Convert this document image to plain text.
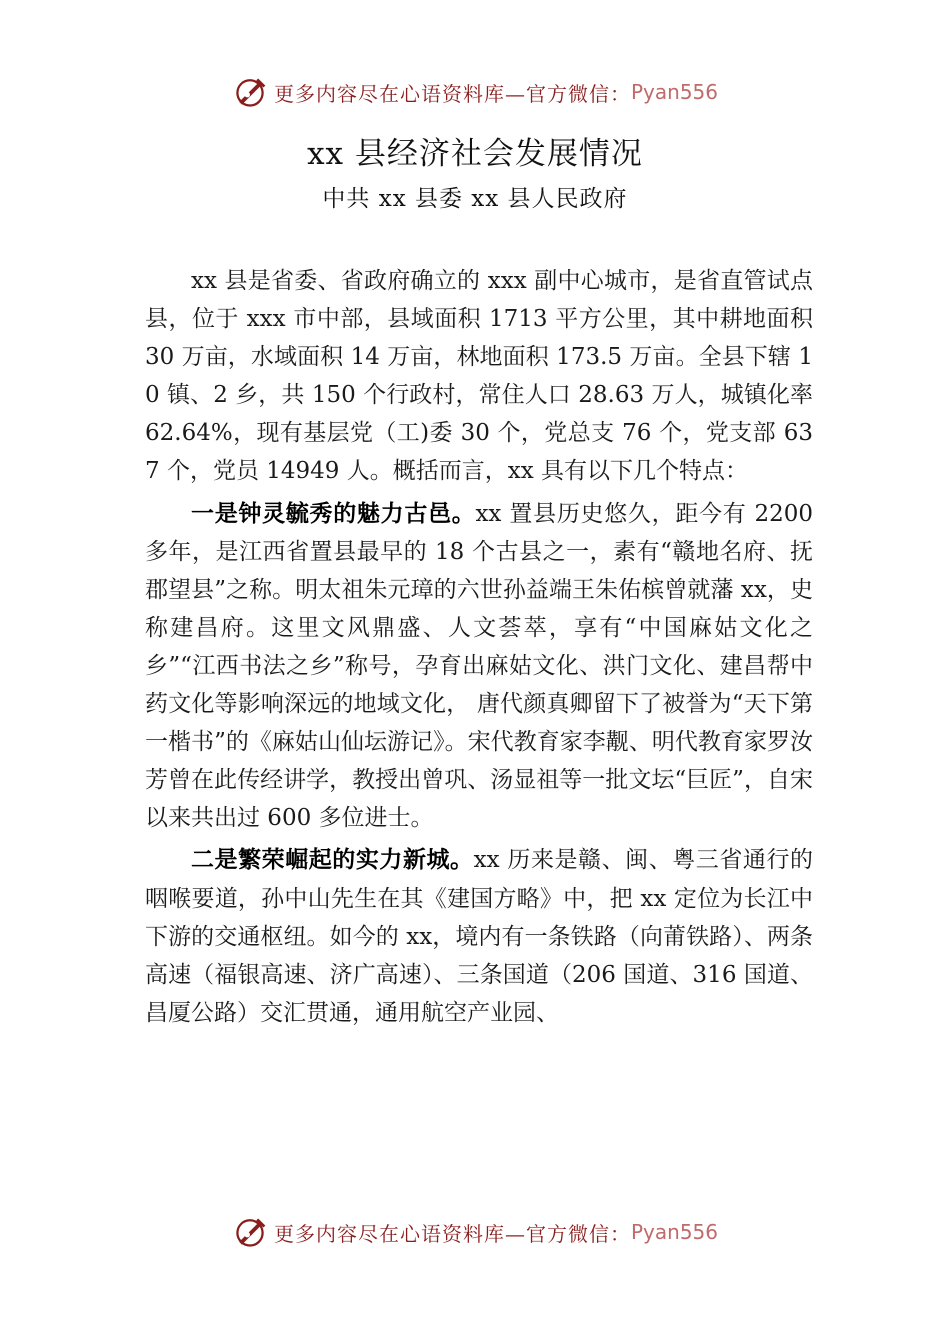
更多内容尽在心语资料库—官方微信： Pyan556
xx 县经济社会发展情况
中共 xx 县委 xx 县人民政府

xx 县是省委、省政府确立的 xxx 副中心城市，是省直管试点县，位于 xxx 市中部，县域面积 1713 平方公里，其中耕地面积 30 万亩，水域面积 14 万亩，林地面积 173.5 万亩。全县下辖 10 镇、2 乡，共 150 个行政村，常住人口 28.63 万人，城镇化率 62.64%，现有基层党（工)委 30 个，党总支 76 个，党支部 637 个，党员 14949 人。概括而言，xx 具有以下几个特点：

一是钟灵毓秀的魅力古邑。xx 置县历史悠久，距今有 2200 多年，是江西省置县最早的 18 个古县之一，素有“赣地名府、抚郡望县”之称。明太祖朱元璋的六世孙益端王朱佑槟曾就藩 xx，史称建昌府。这里文风鼎盛、人文荟萃，享有“中国麻姑文化之乡”“江西书法之乡”称号，孕育出麻姑文化、洪门文化、建昌帮中药文化等影响深远的地域文化， 唐代颜真卿留下了被誉为“天下第一楷书”的《麻姑山仙坛游记》。宋代教育家李觏、明代教育家罗汝芳曾在此传经讲学，教授出曾巩、汤显祖等一批文坛“巨匠”，自宋以来共出过 600 多位进士。

二是繁荣崛起的实力新城。xx 历来是赣、闽、粤三省通行的咽喉要道，孙中山先生在其《建国方略》中，把 xx 定位为长江中下游的交通枢纽。如今的 xx，境内有一条铁路（向莆铁路）、两条高速（福银高速、济广高速）、三条国道（206 国道、316 国道、昌厦公路）交汇贯通，通用航空产业园、

更多内容尽在心语资料库—官方微信： Pyan556
